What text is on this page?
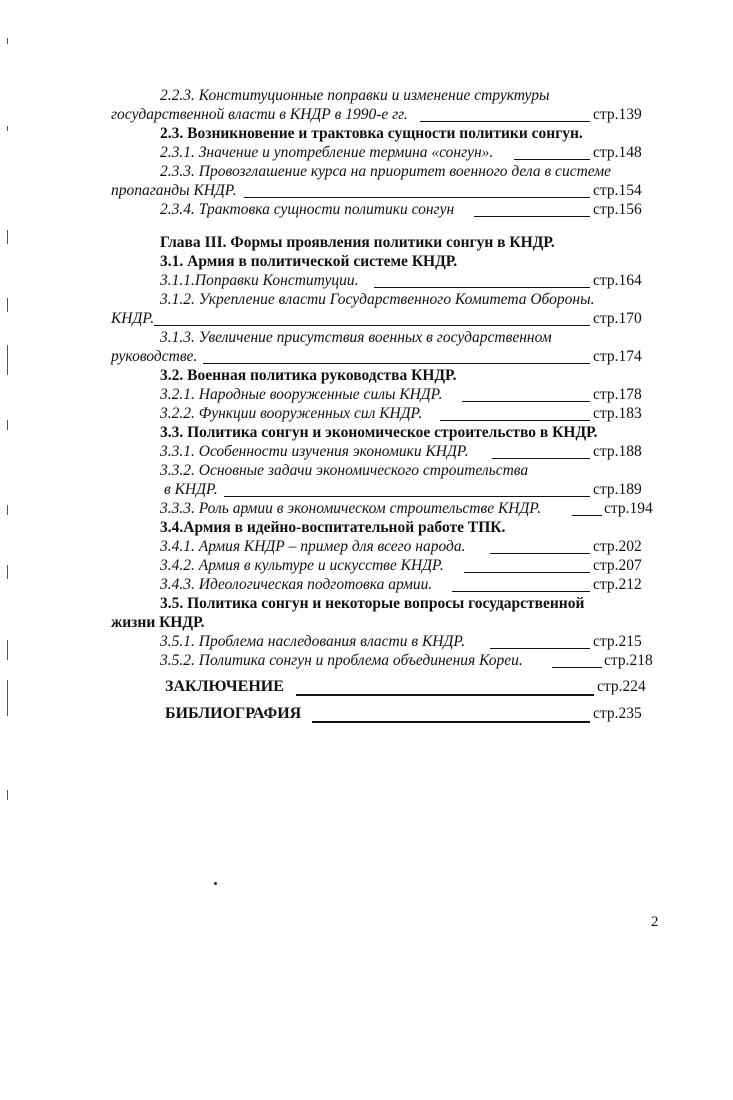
2.2.3. Конституционные поправки и изменение структуры
государственной власти в КНДР в 1990-е гг.	стр.139
2.3. Возникновение и трактовка сущности политики сонгун.
2.3.1. Значение и употребление термина «сонгун».	стр.148
2.3.3. Провозглашение курса на приоритет военного дела в системе
пропаганды КНДР.	стр.154
2.3.4. Трактовка сущности политики сонгун	стр.156
Глава III. Формы проявления политики сонгун в КНДР.
3.1. Армия в политической системе КНДР.
3.1.1.Поправки Конституции.	стр.164
3.1.2. Укрепление власти Государственного Комитета Обороны.
КНДР.	стр.170
3.1.3. Увеличение присутствия военных в государственном
руководстве.	стр.174
3.2. Военная политика руководства КНДР.
3.2.1. Народные вооруженные силы КНДР.	стр.178
3.2.2. Функции вооруженных сил КНДР.	стр.183
3.3. Политика сонгун и экономическое строительство в КНДР.
3.3.1. Особенности изучения экономики КНДР.	стр.188
3.3.2. Основные задачи экономического строительства
в КНДР.	стр.189
3.3.3. Роль армии в экономическом строительстве КНДР.	стр.194
3.4.Армия в идейно-воспитательной работе ТПК.
3.4.1. Армия КНДР – пример для всего народа.	стр.202
3.4.2. Армия в культуре и искусстве КНДР.	стр.207
3.4.3. Идеологическая подготовка армии.	стр.212
3.5. Политика сонгун и некоторые вопросы государственной
жизни КНДР.
3.5.1. Проблема наследования власти в КНДР.	стр.215
3.5.2. Политика сонгун и проблема объединения Кореи.	стр.218
ЗАКЛЮЧЕНИЕ	стр.224
БИБЛИОГРАФИЯ	стр.235
2
